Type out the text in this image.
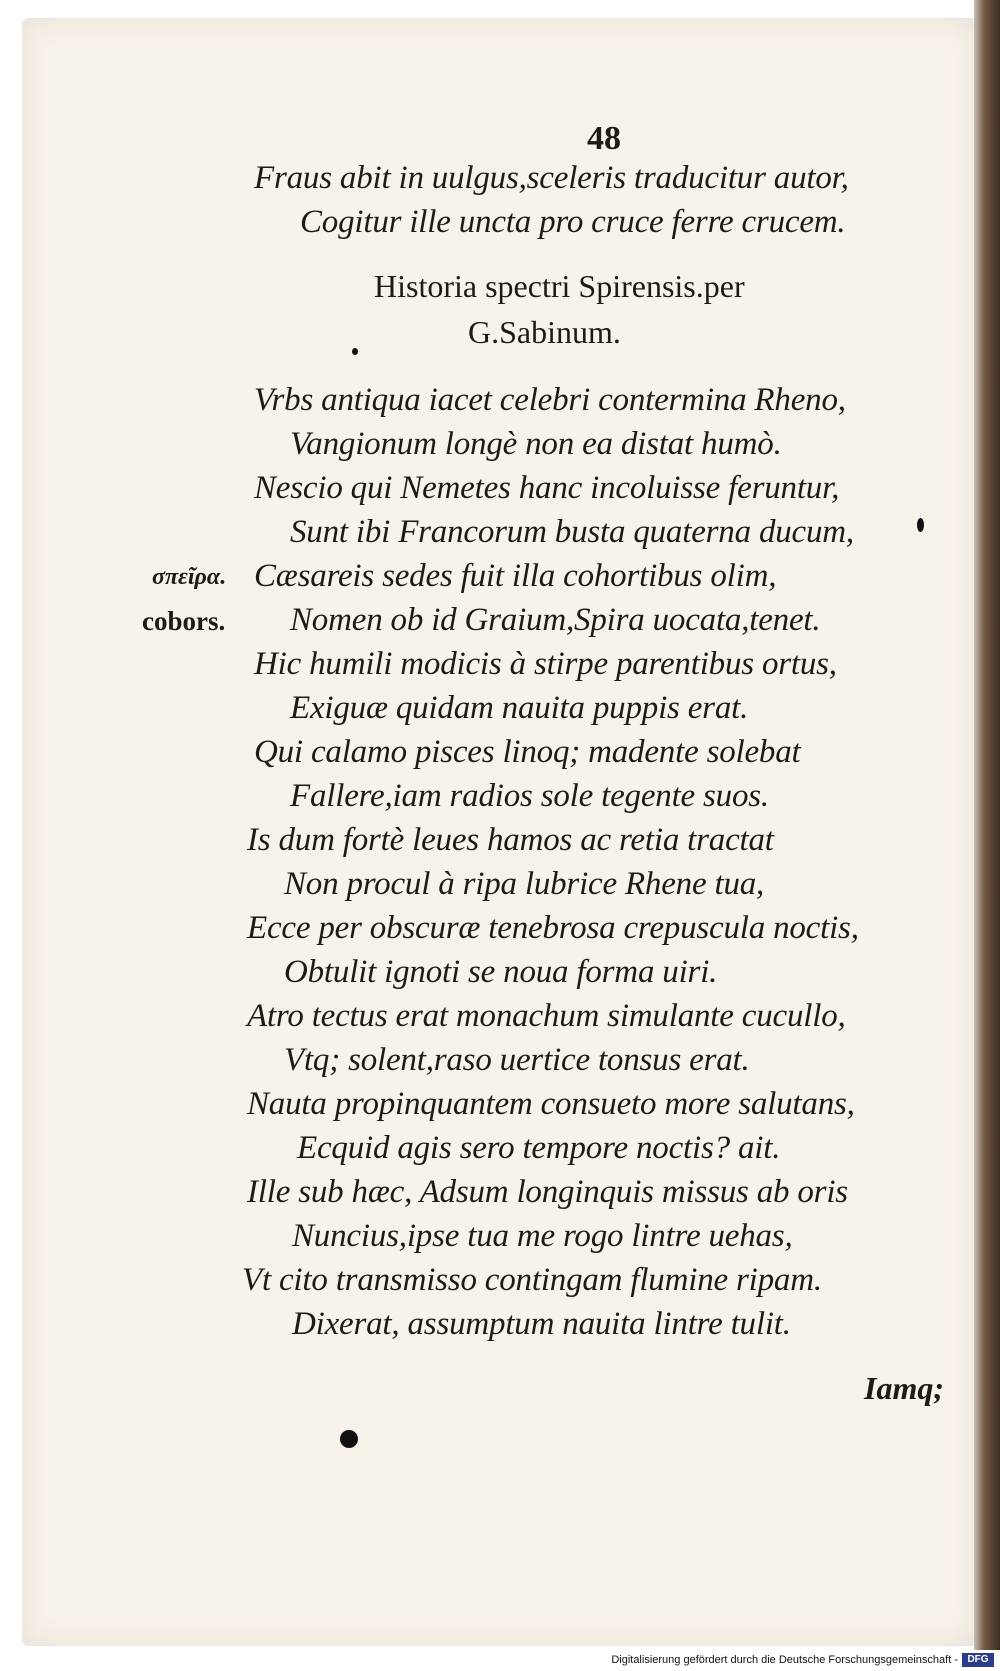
48
Fraus abit in uulgus,sceleris traducitur autor,
Cogitur ille uncta pro cruce ferre crucem.
Historia spectri Spirensis.per
G.Sabinum.
Vrbs antiqua iacet celebri contermina Rheno,
Vangionum longè non ea distat humò.
Nescio qui Nemetes hanc incoluisse feruntur,
Sunt ibi Francorum busta quaterna ducum,
Cæsareis sedes fuit illa cohortibus olim,
Nomen ob id Graium,Spira uocata,tenet.
Hic humili modicis à stirpe parentibus ortus,
Exiguæ quidam nauita puppis erat.
Qui calamo pisces linoq; madente solebat
Fallere,iam radios sole tegente suos.
Is dum fortè leues hamos ac retia tractat
Non procul à ripa lubrice Rhene tua,
Ecce per obscuræ tenebrosa crepuscula noctis,
Obtulit ignoti se noua forma uiri.
Atro tectus erat monachum simulante cucullo,
Vtq; solent,raso uertice tonsus erat.
Nauta propinquantem consueto more salutans,
Ecquid agis sero tempore noctis? ait.
Ille sub hæc, Adsum longinquis missus ab oris
Nuncius,ipse tua me rogo lintre uehas,
Vt cito transmisso contingam flumine ripam.
Dixerat, assumptum nauita lintre tulit.
σπεῖρα.
cobors.
Iamq;
Digitalisierung gefördert durch die Deutsche Forschungsgemeinschaft - DFG
